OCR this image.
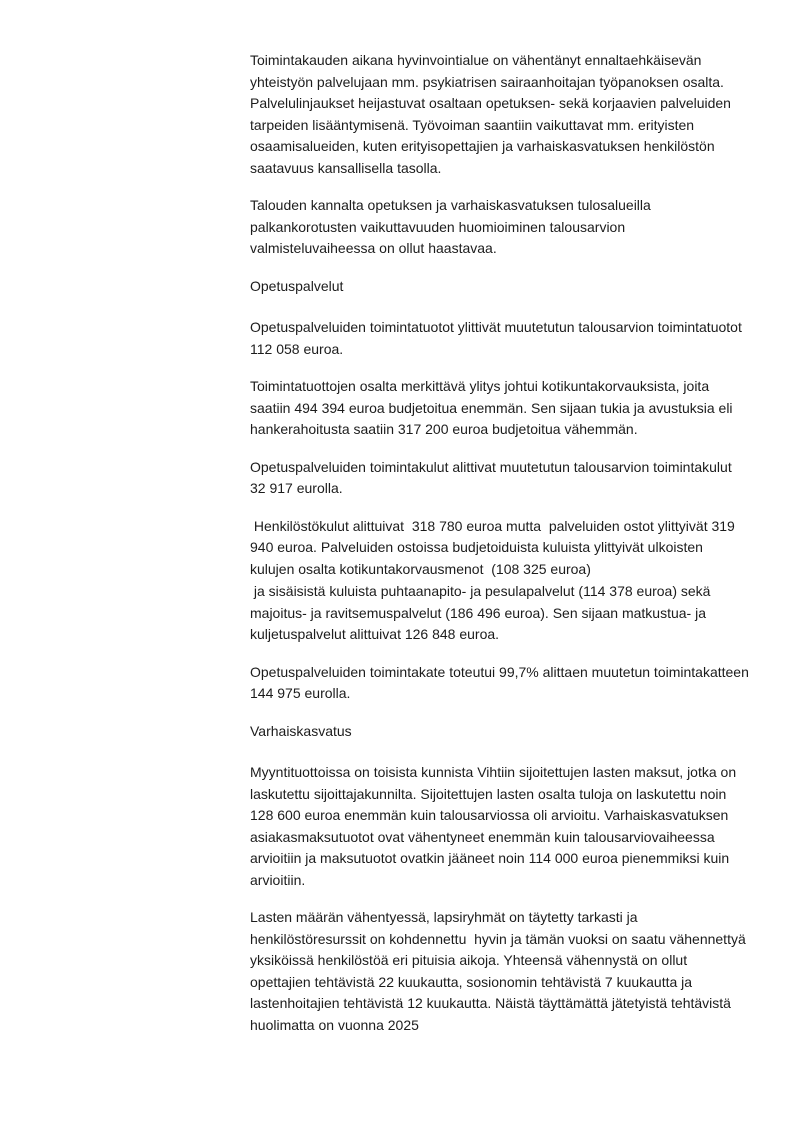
Toimintakauden aikana hyvinvointialue on vähentänyt ennaltaehkäisevän yhteistyön palvelujaan mm. psykiatrisen sairaanhoitajan työpanoksen osalta. Palvelulinjaukset heijastuvat osaltaan opetuksen- sekä korjaavien palveluiden tarpeiden lisääntymisenä. Työvoiman saantiin vaikuttavat mm. erityisten osaamisalueiden, kuten erityisopettajien ja varhaiskasvatuksen henkilöstön saatavuus kansallisella tasolla.

Talouden kannalta opetuksen ja varhaiskasvatuksen tulosalueilla palkankorotusten vaikuttavuuden huomioiminen talousarvion valmisteluvaiheessa on ollut haastavaa.

Opetuspalvelut

Opetuspalveluiden toimintatuotot ylittivät muutetutun talousarvion toimintatuotot  112 058 euroa.

Toimintatuottojen osalta merkittävä ylitys johtui kotikuntakorvauksista, joita saatiin 494 394 euroa budjetoitua enemmän. Sen sijaan tukia ja avustuksia eli hankerahoitusta saatiin 317 200 euroa budjetoitua vähemmän.

Opetuspalveluiden toimintakulut alittivat muutetutun talousarvion toimintakulut  32 917 eurolla.

Henkilöstökulut alittuivat  318 780 euroa mutta  palveluiden ostot ylittyivät 319 940 euroa. Palveluiden ostoissa budjetoiduista kuluista ylittyivät ulkoisten kulujen osalta kotikuntakorvausmenot  (108 325 euroa)

ja sisäisistä kuluista puhtaanapito- ja pesulapalvelut (114 378 euroa) sekä majoitus- ja ravitsemuspalvelut (186 496 euroa). Sen sijaan matkustua- ja kuljetuspalvelut alittuivat 126 848 euroa.

Opetuspalveluiden toimintakate toteutui 99,7% alittaen muutetun toimintakatteen  144 975 eurolla.

Varhaiskasvatus

Myyntituottoissa on toisista kunnista Vihtiin sijoitettujen lasten maksut, jotka on laskutettu sijoittajakunnilta. Sijoitettujen lasten osalta tuloja on laskutettu noin 128 600 euroa enemmän kuin talousarviossa oli arvioitu. Varhaiskasvatuksen asiakasmaksutuotot ovat vähentyneet enemmän kuin talousarviovaiheessa arvioitiin ja maksutuotot ovatkin jääneet noin 114 000 euroa pienemmiksi kuin arvioitiin.

Lasten määrän vähentyessä, lapsiryhmät on täytetty tarkasti ja henkilöstöresurssit on kohdennettu  hyvin ja tämän vuoksi on saatu vähennettyä yksiköissä henkilöstöä eri pituisia aikoja. Yhteensä vähennystä on ollut opettajien tehtävistä 22 kuukautta, sosionomin tehtävistä 7 kuukautta ja lastenhoitajien tehtävistä 12 kuukautta. Näistä täyttämättä jätetyistä tehtävistä huolimatta on vuonna 2025
